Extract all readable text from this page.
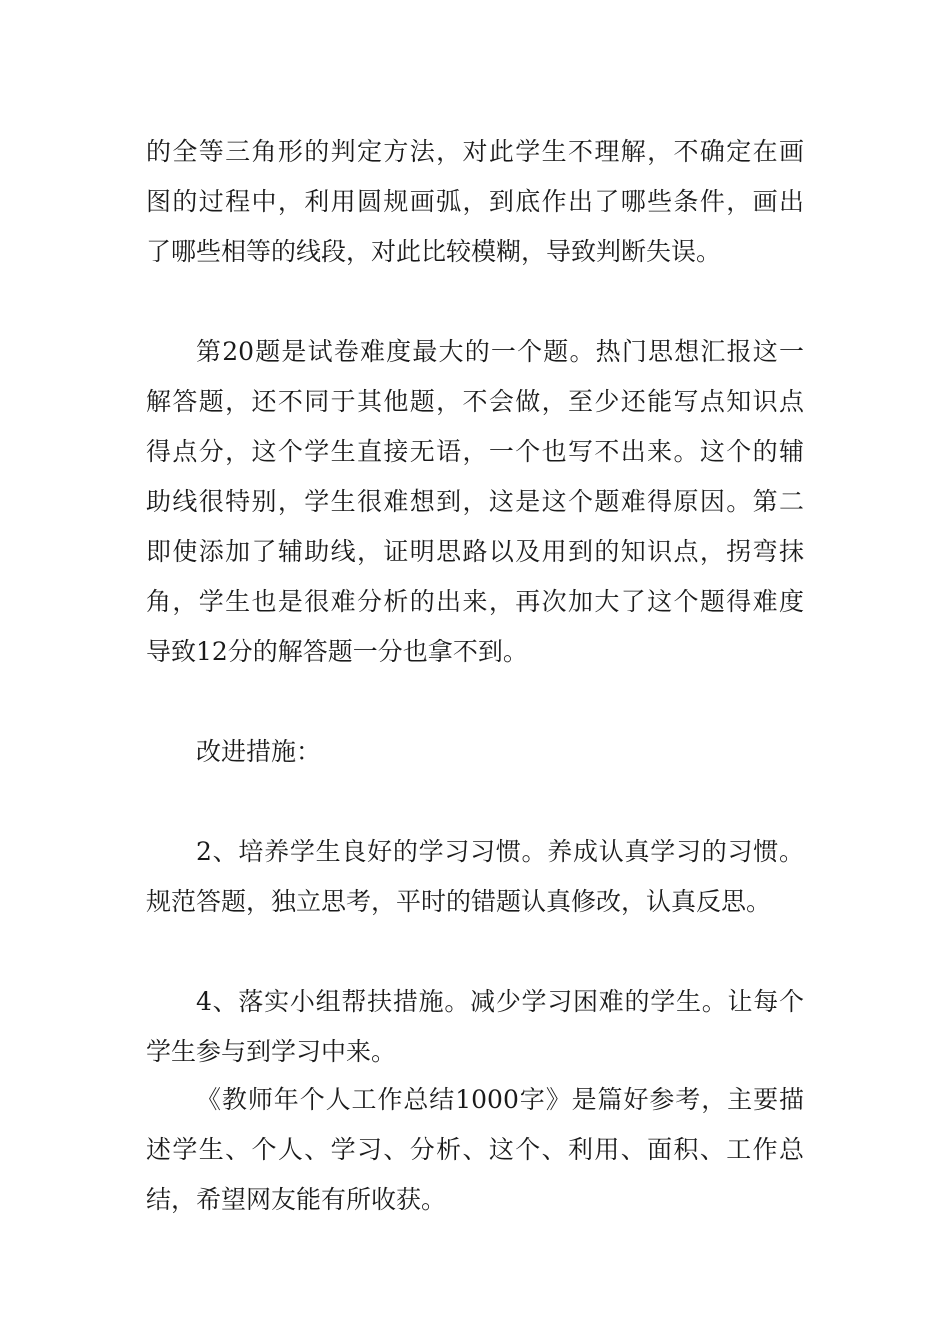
的全等三角形的判定方法，对此学生不理解，不确定在画
图的过程中，利用圆规画弧，到底作出了哪些条件，画出
了哪些相等的线段，对此比较模糊，导致判断失误。
第20题是试卷难度最大的一个题。热门思想汇报这一
解答题，还不同于其他题，不会做，至少还能写点知识点
得点分，这个学生直接无语，一个也写不出来。这个的辅
助线很特别，学生很难想到，这是这个题难得原因。第二
即使添加了辅助线，证明思路以及用到的知识点，拐弯抹
角，学生也是很难分析的出来，再次加大了这个题得难度
导致12分的解答题一分也拿不到。
改进措施：
2、培养学生良好的学习习惯。养成认真学习的习惯。
规范答题，独立思考，平时的错题认真修改，认真反思。
4、落实小组帮扶措施。减少学习困难的学生。让每个
学生参与到学习中来。
《教师年个人工作总结1000字》是篇好参考，主要描
述学生、个人、学习、分析、这个、利用、面积、工作总
结，希望网友能有所收获。
